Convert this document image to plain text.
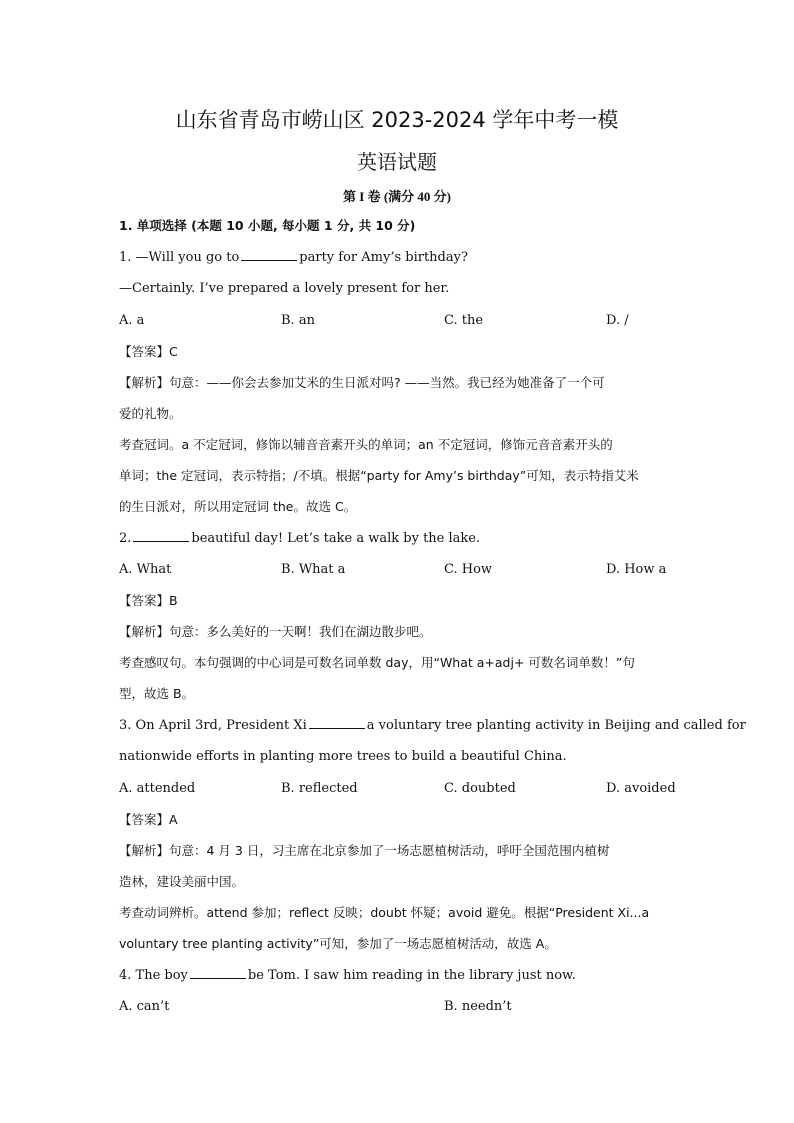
山东省青岛市崂山区 2023-2024 学年中考一模
英语试题
第 I 卷 (满分 40 分)
1. 单项选择 (本题 10 小题, 每小题 1 分, 共 10 分)
1. —Will you go to	party for Amy’s birthday?
—Certainly. I’ve prepared a lovely present for her.
A. a	B. an	C. the	D. /
【答案】C
【解析】句意：——你会去参加艾米的生日派对吗? ——当然。我已经为她准备了一个可
爱的礼物。
考查冠词。a 不定冠词，修饰以辅音音素开头的单词；an 不定冠词，修饰元音音素开头的
单词；the 定冠词，表示特指；/不填。根据“party for Amy’s birthday”可知，表示特指艾米
的生日派对，所以用定冠词 the。故选 C。
2.	beautiful day! Let’s take a walk by the lake.
A. What	B. What a	C. How	D. How a
【答案】B
【解析】句意：多么美好的一天啊！我们在湖边散步吧。
考查感叹句。本句强调的中心词是可数名词单数 day，用“What a+adj+ 可数名词单数！”句
型，故选 B。
3. On April 3rd, President Xi	a voluntary tree planting activity in Beijing and called for
nationwide efforts in planting more trees to build a beautiful China.
A. attended	B. reflected	C. doubted	D. avoided
【答案】A
【解析】句意：4 月 3 日，习主席在北京参加了一场志愿植树活动，呼吁全国范围内植树
造林，建设美丽中国。
考查动词辨析。attend 参加；reflect 反映；doubt 怀疑；avoid 避免。根据“President Xi...a
voluntary tree planting activity”可知，参加了一场志愿植树活动，故选 A。
4. The boy	be Tom. I saw him reading in the library just now.
A. can’t	B. needn’t
